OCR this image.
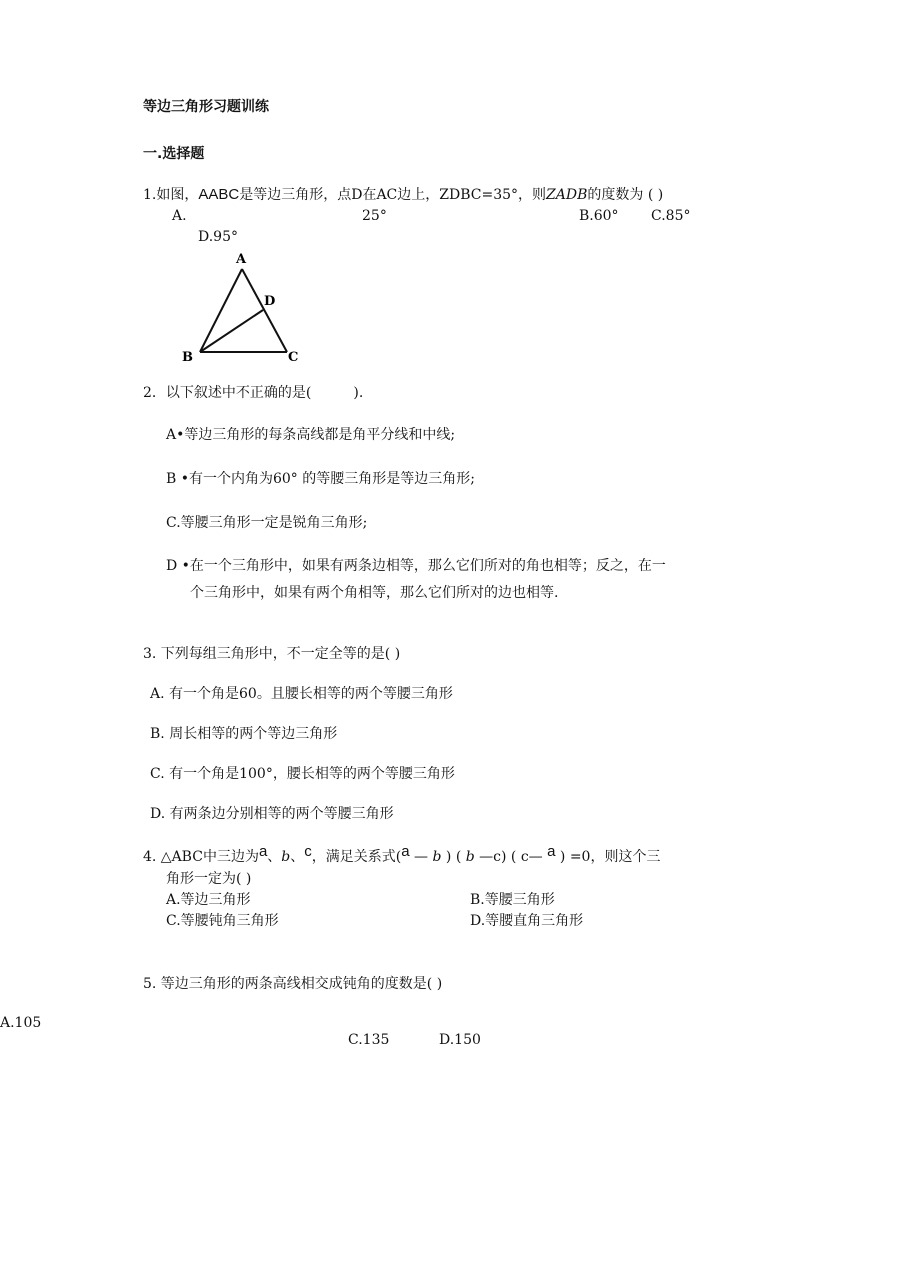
等边三角形习题训练
一.选择题
1.如图，AABC是等边三角形，点D在AC边上，ZDBC=35°，则ZADB的度数为 ( )
A.	25°	B.60° C.85°
D.95°
A
B	C
D
2．以下叙述中不正确的是(　　　).
A•等边三角形的每条高线都是角平分线和中线;
B •有一个内角为60° 的等腰三角形是等边三角形;
C.等腰三角形一定是锐角三角形;
D •在一个三角形中，如果有两条边相等，那么它们所对的角也相等；反之，在一
个三角形中，如果有两个角相等，那么它们所对的边也相等.
3. 下列每组三角形中，不一定全等的是( )
A. 有一个角是60。且腰长相等的两个等腰三角形
B. 周长相等的两个等边三角形
C. 有一个角是100°，腰长相等的两个等腰三角形
D. 有两条边分别相等的两个等腰三角形
4. △ABC中三边为a、b、c，满足关系式(a — b ) ( b —c) ( c— a ) =0，则这个三
角形一定为( )
A.等边三角形	B.等腰三角形
C.等腰钝角三角形	D.等腰直角三角形
5. 等边三角形的两条高线相交成钝角的度数是( )
A.105
C.135	D.150
